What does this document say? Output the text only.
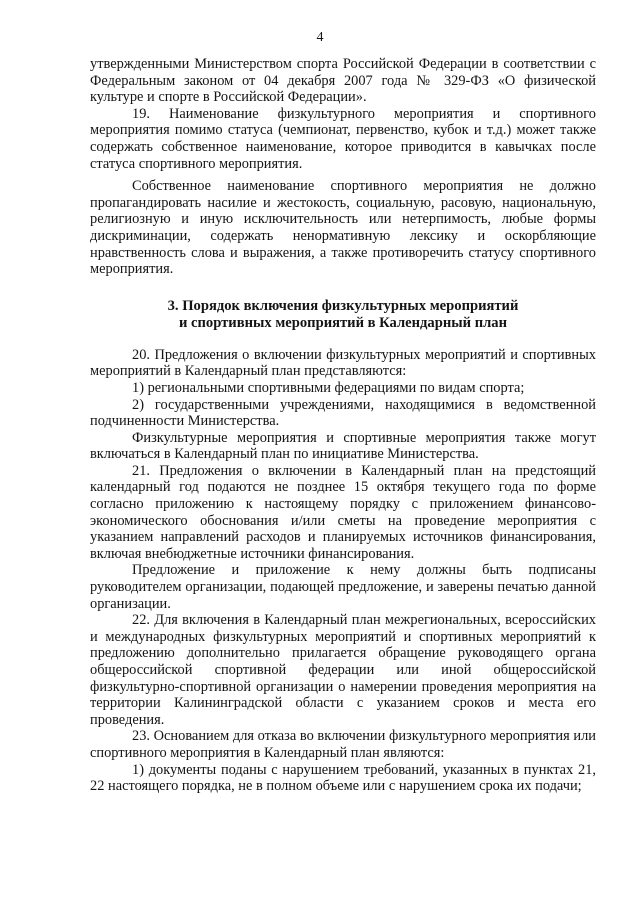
4

утвержденными Министерством спорта Российской Федерации в соответствии с Федеральным законом от 04 декабря 2007 года № 329-ФЗ «О физической культуре и спорте в Российской Федерации».

19. Наименование физкультурного мероприятия и спортивного мероприятия помимо статуса (чемпионат, первенство, кубок и т.д.) может также содержать собственное наименование, которое приводится в кавычках после статуса спортивного мероприятия.

Собственное наименование спортивного мероприятия не должно пропагандировать насилие и жестокость, социальную, расовую, национальную, религиозную и иную исключительность или нетерпимость, любые формы дискриминации, содержать ненормативную лексику и оскорбляющие нравственность слова и выражения, а также противоречить статусу спортивного мероприятия.

3. Порядок включения физкультурных мероприятий
и спортивных мероприятий в Календарный план

20. Предложения о включении физкультурных мероприятий и спортивных мероприятий в Календарный план представляются:

1) региональными спортивными федерациями по видам спорта;

2) государственными учреждениями, находящимися в ведомственной подчиненности Министерства.

Физкультурные мероприятия и спортивные мероприятия также могут включаться в Календарный план по инициативе Министерства.

21. Предложения о включении в Календарный план на предстоящий календарный год подаются не позднее 15 октября текущего года по форме согласно приложению к настоящему порядку с приложением финансово-экономического обоснования и/или сметы на проведение мероприятия с указанием направлений расходов и планируемых источников финансирования, включая внебюджетные источники финансирования.

Предложение и приложение к нему должны быть подписаны руководителем организации, подающей предложение, и заверены печатью данной организации.

22. Для включения в Календарный план межрегиональных, всероссийских и международных физкультурных мероприятий и спортивных мероприятий к предложению дополнительно прилагается обращение руководящего органа общероссийской спортивной федерации или иной общероссийской физкультурно-спортивной организации о намерении проведения мероприятия на территории Калининградской области с указанием сроков и места его проведения.

23. Основанием для отказа во включении физкультурного мероприятия или спортивного мероприятия в Календарный план являются:

1) документы поданы с нарушением требований, указанных в пунктах 21, 22 настоящего порядка, не в полном объеме или с нарушением срока их подачи;
